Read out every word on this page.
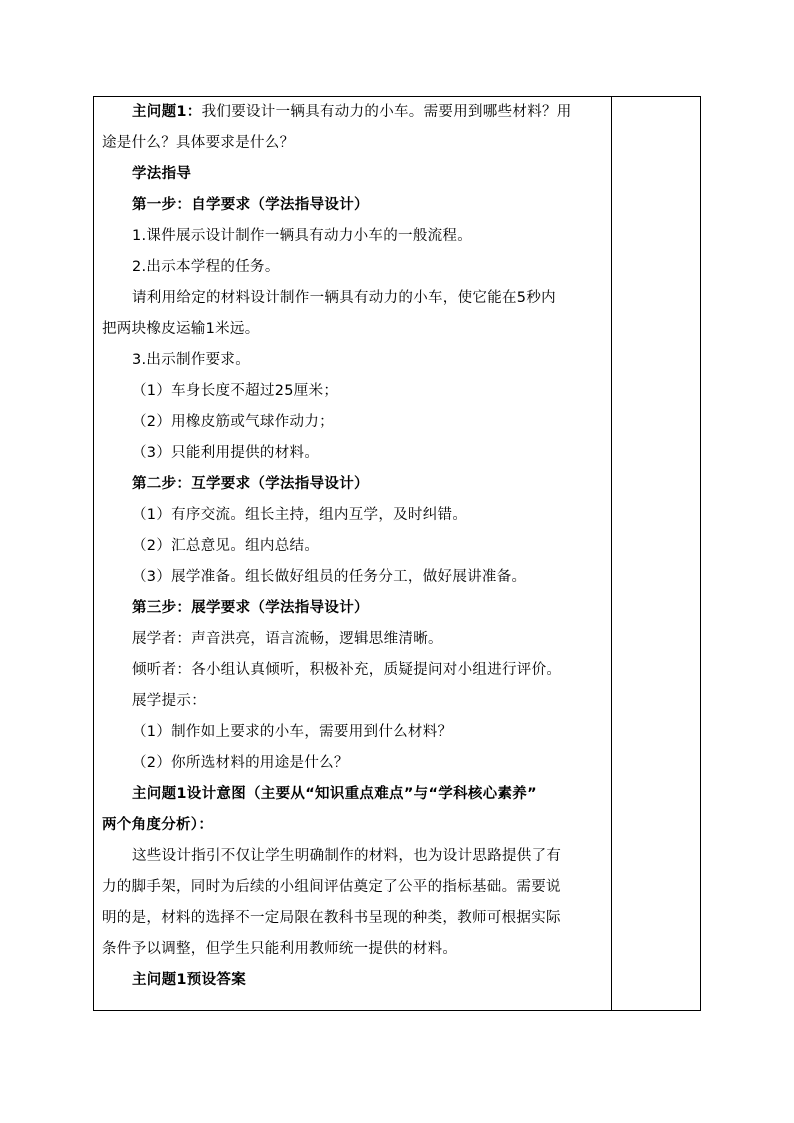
主问题1：我们要设计一辆具有动力的小车。需要用到哪些材料？用
途是什么？具体要求是什么？
学法指导
第一步：自学要求（学法指导设计）
1.课件展示设计制作一辆具有动力小车的一般流程。
2.出示本学程的任务。
请利用给定的材料设计制作一辆具有动力的小车，使它能在5秒内
把两块橡皮运输1米远。
3.出示制作要求。
（1）车身长度不超过25厘米；
（2）用橡皮筋或气球作动力；
（3）只能利用提供的材料。
第二步：互学要求（学法指导设计）
（1）有序交流。组长主持，组内互学，及时纠错。
（2）汇总意见。组内总结。
（3）展学准备。组长做好组员的任务分工，做好展讲准备。
第三步：展学要求（学法指导设计）
展学者：声音洪亮，语言流畅，逻辑思维清晰。
倾听者：各小组认真倾听，积极补充，质疑提问对小组进行评价。
展学提示：
（1）制作如上要求的小车，需要用到什么材料？
（2）你所选材料的用途是什么？
主问题1设计意图（主要从“知识重点难点”与“学科核心素养”
两个角度分析）：
这些设计指引不仅让学生明确制作的材料，也为设计思路提供了有
力的脚手架，同时为后续的小组间评估奠定了公平的指标基础。需要说
明的是，材料的选择不一定局限在教科书呈现的种类，教师可根据实际
条件予以调整，但学生只能利用教师统一提供的材料。
主问题1预设答案
